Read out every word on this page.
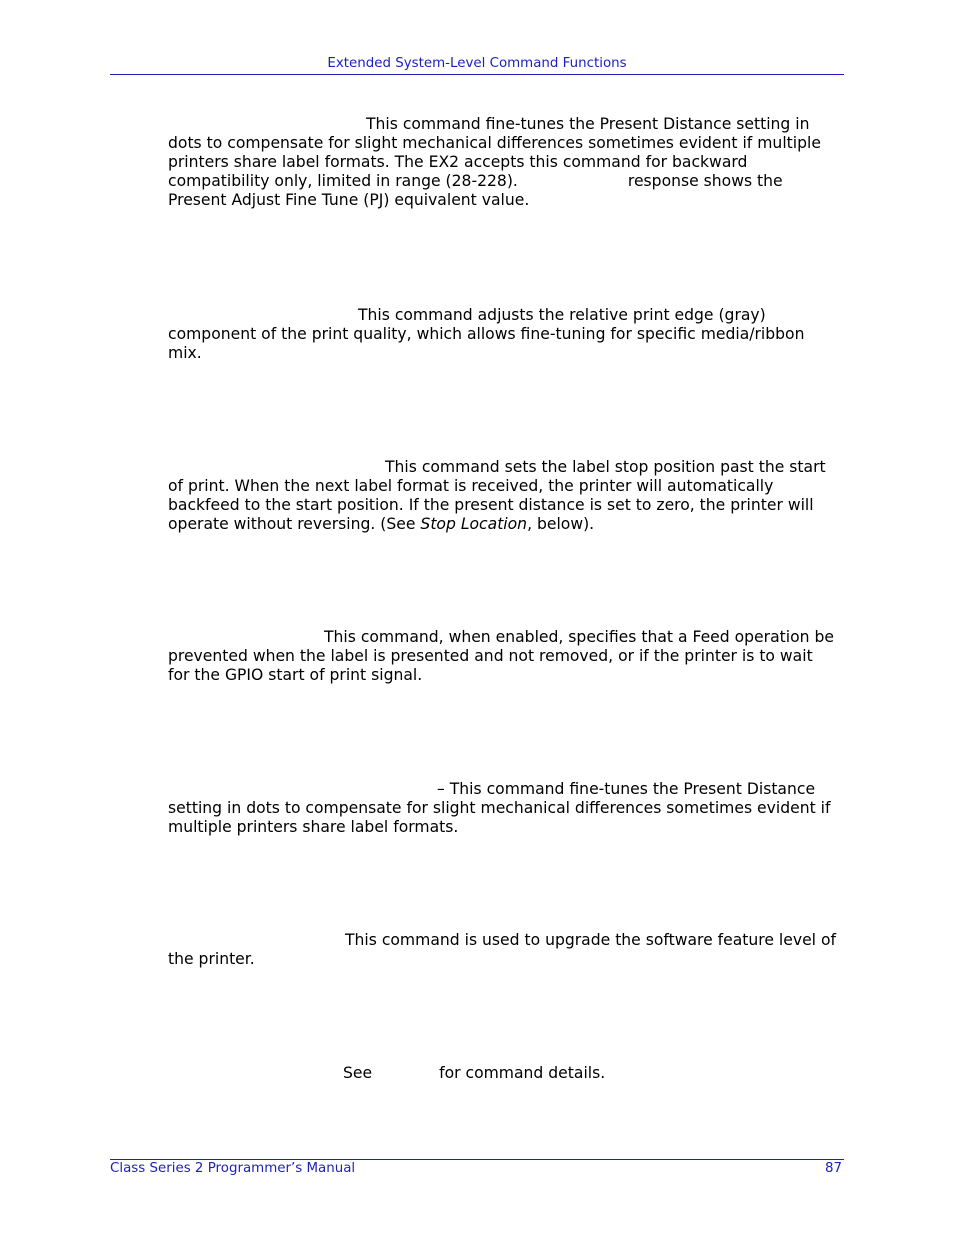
Extended System-Level Command Functions
This command fine-tunes the Present Distance setting in
dots to compensate for slight mechanical differences sometimes evident if multiple
printers share label formats. The EX2 accepts this command for backward
compatibility only, limited in range (28-228).	response shows the
Present Adjust Fine Tune (PJ) equivalent value.
This command adjusts the relative print edge (gray)
component of the print quality, which allows fine-tuning for specific media/ribbon
mix.
This command sets the label stop position past the start
of print. When the next label format is received, the printer will automatically
backfeed to the start position. If the present distance is set to zero, the printer will
operate without reversing. (See Stop Location, below).
This command, when enabled, specifies that a Feed operation be
prevented when the label is presented and not removed, or if the printer is to wait
for the GPIO start of print signal.
– This command fine-tunes the Present Distance
setting in dots to compensate for slight mechanical differences sometimes evident if
multiple printers share label formats.
This command is used to upgrade the software feature level of
the printer.
See	for command details.
Class Series 2 Programmer’s Manual	87
